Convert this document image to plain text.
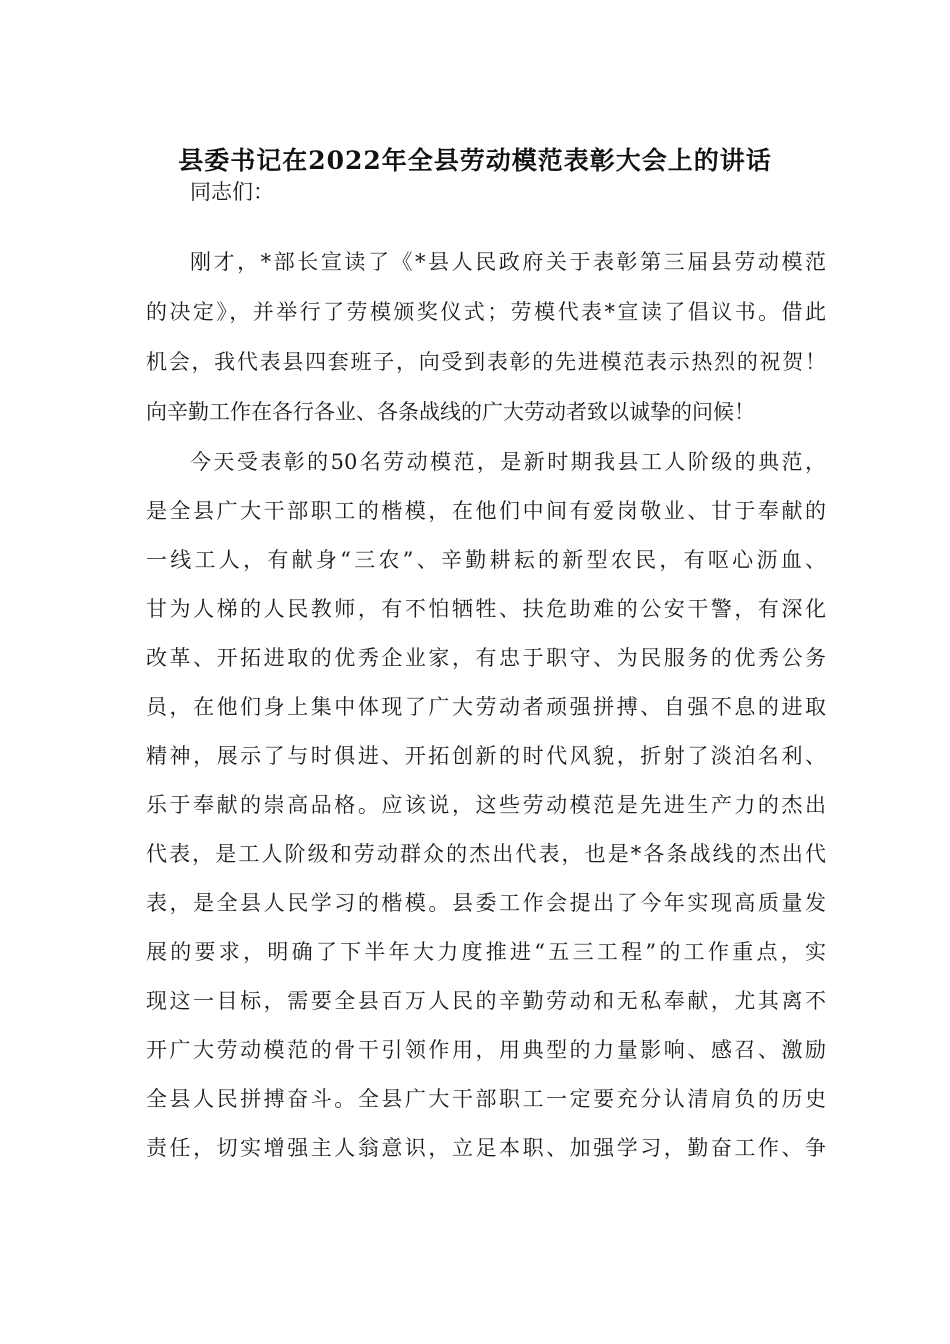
县委书记在2022年全县劳动模范表彰大会上的讲话
同志们：
刚才，*部长宣读了《*县人民政府关于表彰第三届县劳动模范
的决定》，并举行了劳模颁奖仪式；劳模代表*宣读了倡议书。借此
机会，我代表县四套班子，向受到表彰的先进模范表示热烈的祝贺！
向辛勤工作在各行各业、各条战线的广大劳动者致以诚挚的问候！
今天受表彰的50名劳动模范，是新时期我县工人阶级的典范，
是全县广大干部职工的楷模，在他们中间有爱岗敬业、甘于奉献的
一线工人，有献身“三农”、辛勤耕耘的新型农民，有呕心沥血、
甘为人梯的人民教师，有不怕牺牲、扶危助难的公安干警，有深化
改革、开拓进取的优秀企业家，有忠于职守、为民服务的优秀公务
员，在他们身上集中体现了广大劳动者顽强拼搏、自强不息的进取
精神，展示了与时俱进、开拓创新的时代风貌，折射了淡泊名利、
乐于奉献的崇高品格。应该说，这些劳动模范是先进生产力的杰出
代表，是工人阶级和劳动群众的杰出代表，也是*各条战线的杰出代
表，是全县人民学习的楷模。县委工作会提出了今年实现高质量发
展的要求，明确了下半年大力度推进“五三工程”的工作重点，实
现这一目标，需要全县百万人民的辛勤劳动和无私奉献，尤其离不
开广大劳动模范的骨干引领作用，用典型的力量影响、感召、激励
全县人民拼搏奋斗。全县广大干部职工一定要充分认清肩负的历史
责任，切实增强主人翁意识，立足本职、加强学习，勤奋工作、争
